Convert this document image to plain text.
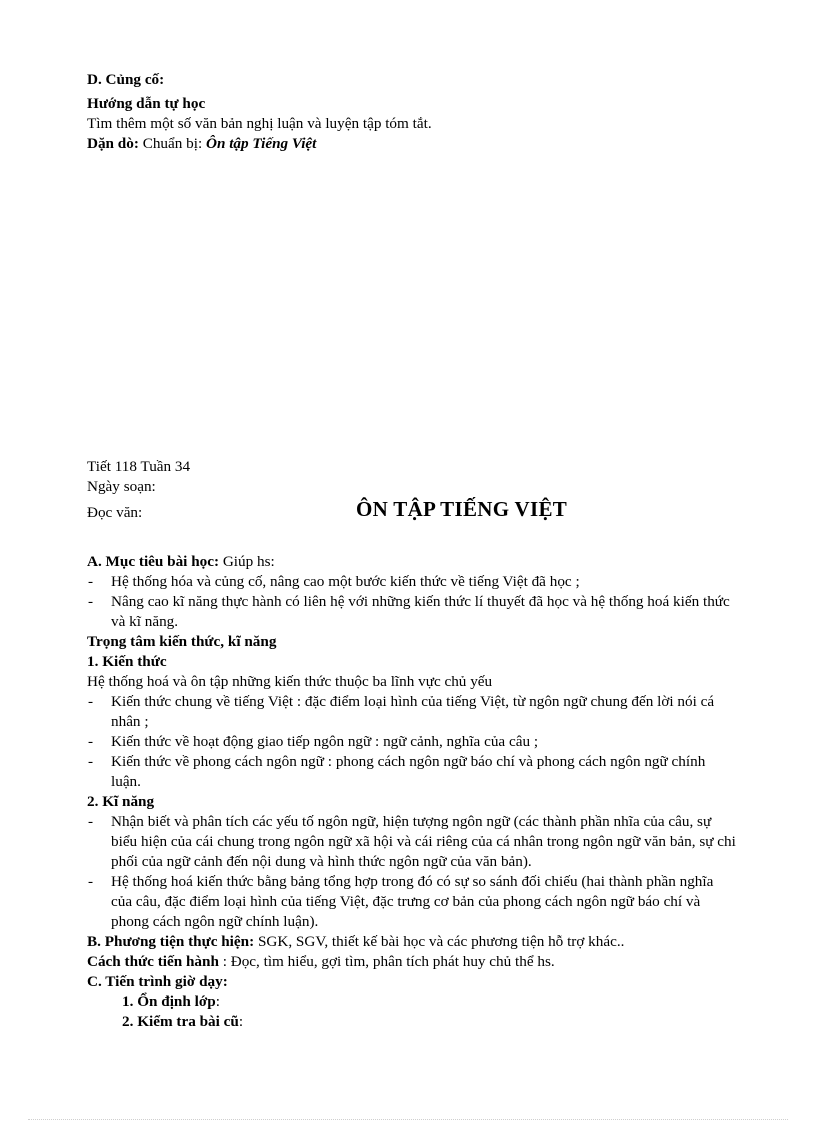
D. Củng cố:

Hướng dẫn tự học

Tìm thêm một số văn bản nghị luận và luyện tập tóm tắt.

Dặn dò: Chuẩn bị: Ôn tập Tiếng Việt

Tiết 118 Tuần 34

Ngày soạn:

Đọc văn:	ÔN TẬP TIẾNG VIỆT

A. Mục tiêu bài học: Giúp hs:

- Hệ thống hóa và củng cố, nâng cao một bước kiến thức về tiếng Việt đã học ;
- Nâng cao kĩ năng thực hành có liên hệ với những kiến thức lí thuyết đã học và hệ thống hoá kiến thức và kĩ năng.

Trọng tâm kiến thức, kĩ năng

1. Kiến thức

Hệ thống hoá và ôn tập những kiến thức thuộc ba lĩnh vực chủ yếu

- Kiến thức chung về tiếng Việt : đặc điểm loại hình của tiếng Việt, từ ngôn ngữ chung đến lời nói cá nhân ;
- Kiến thức về hoạt động giao tiếp ngôn ngữ : ngữ cảnh, nghĩa của câu ;
- Kiến thức về phong cách ngôn ngữ : phong cách ngôn ngữ báo chí và phong cách ngôn ngữ chính luận.

2. Kĩ năng

- Nhận biết và phân tích các yếu tố ngôn ngữ, hiện tượng ngôn ngữ (các thành phần nhĩa của câu, sự biểu hiện của cái chung trong ngôn ngữ xã hội và cái riêng của cá nhân trong ngôn ngữ văn bản, sự chi phối của ngữ cảnh đến nội dung và hình thức ngôn ngữ của văn bản).
- Hệ thống hoá kiến thức bằng bảng tổng hợp trong đó có sự so sánh đối chiếu (hai thành phần nghĩa của câu, đặc điểm loại hình của tiếng Việt, đặc trưng cơ bản của phong cách ngôn ngữ báo chí và phong cách ngôn ngữ chính luận).

B. Phương tiện thực hiện: SGK, SGV, thiết kế bài học và các phương tiện hỗ trợ khác..

Cách thức tiến hành : Đọc, tìm hiểu, gợi tìm, phân tích phát huy chủ thể hs.

C. Tiến trình giờ dạy:

1. Ổn định lớp:

2. Kiểm tra bài cũ:
